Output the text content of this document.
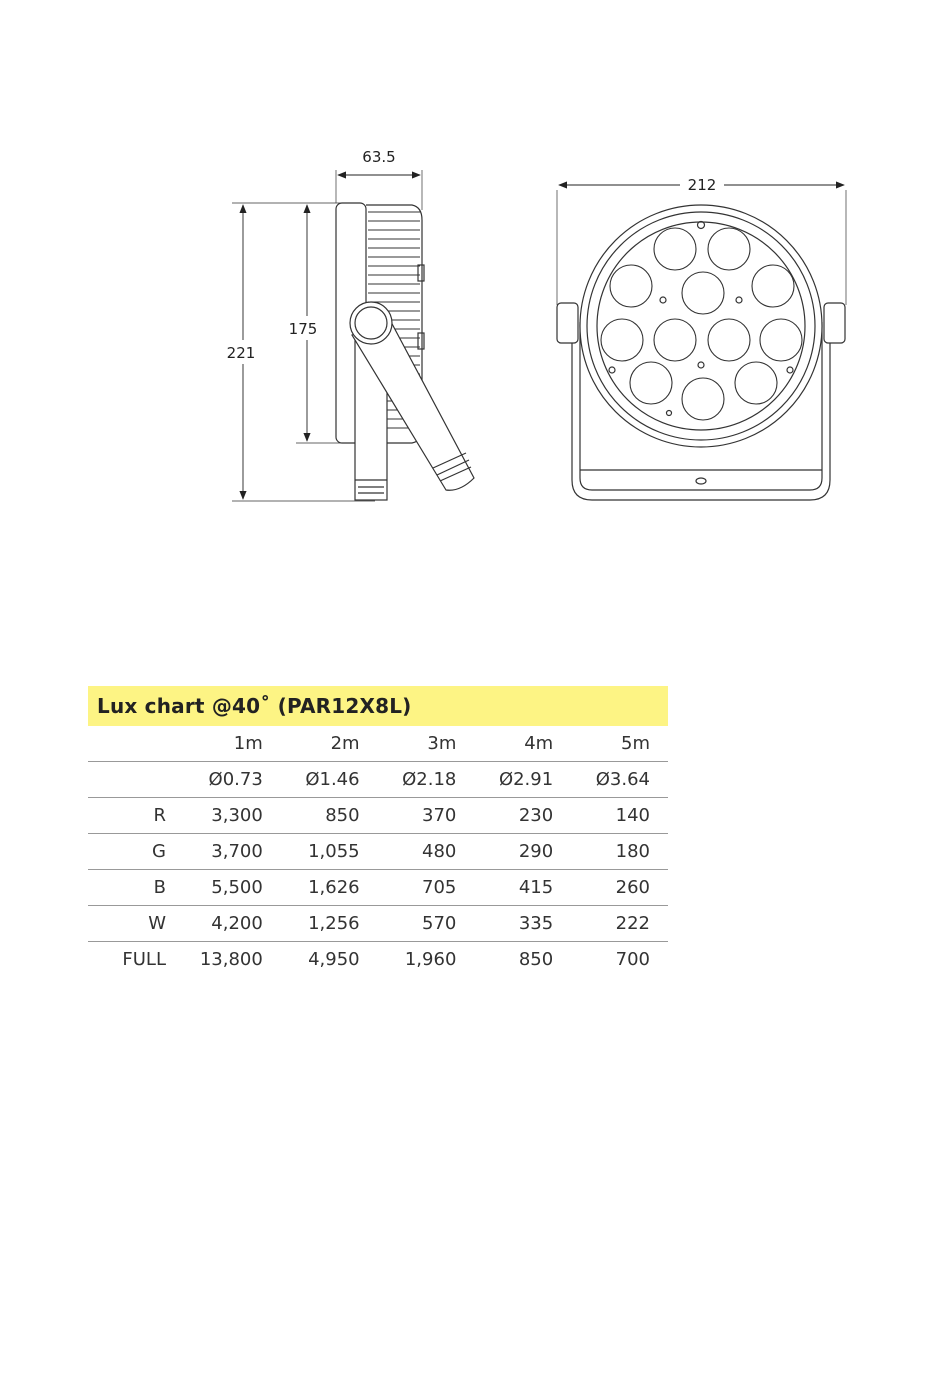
63.5
221
175
212
Lux chart @40˚ (PAR12X8L)
	1m	2m	3m	4m	5m
	Ø0.73	Ø1.46	Ø2.18	Ø2.91	Ø3.64
R	3,300	850	370	230	140
G	3,700	1,055	480	290	180
B	5,500	1,626	705	415	260
W	4,200	1,256	570	335	222
FULL	13,800	4,950	1,960	850	700
